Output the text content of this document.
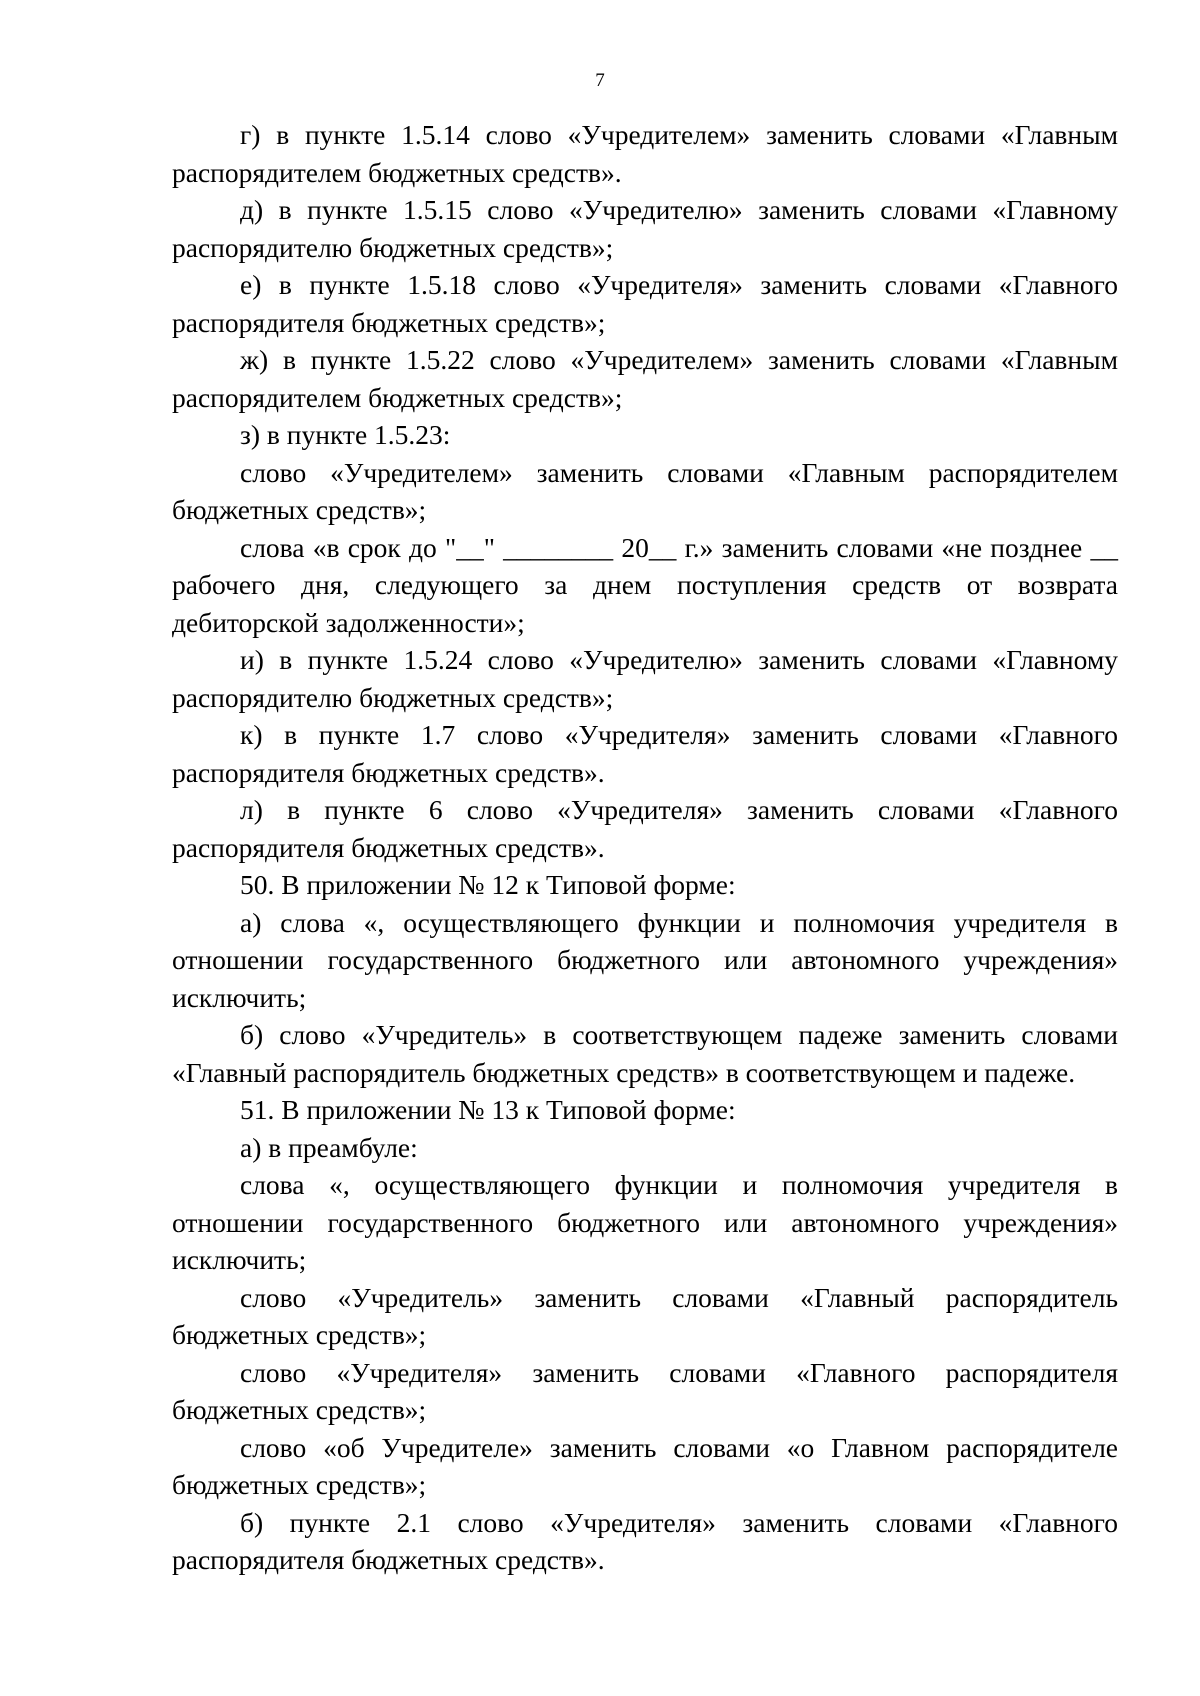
7

г) в пункте 1.5.14 слово «Учредителем» заменить словами «Главным распорядителем бюджетных средств».

д) в пункте 1.5.15 слово «Учредителю» заменить словами «Главному распорядителю бюджетных средств»;

е) в пункте 1.5.18 слово «Учредителя» заменить словами «Главного распорядителя бюджетных средств»;

ж) в пункте 1.5.22 слово «Учредителем» заменить словами «Главным распорядителем бюджетных средств»;

з) в пункте 1.5.23:

слово «Учредителем» заменить словами «Главным распорядителем бюджетных средств»;

слова «в срок до "__" ________ 20__ г.» заменить словами «не позднее __ рабочего дня, следующего за днем поступления средств от возврата дебиторской задолженности»;

и) в пункте 1.5.24 слово «Учредителю» заменить словами «Главному распорядителю бюджетных средств»;

к) в пункте 1.7 слово «Учредителя» заменить словами «Главного распорядителя бюджетных средств».

л) в пункте 6 слово «Учредителя» заменить словами «Главного распорядителя бюджетных средств».

50. В приложении № 12 к Типовой форме:

а) слова «, осуществляющего функции и полномочия учредителя в отношении государственного бюджетного или автономного учреждения» исключить;

б) слово «Учредитель» в соответствующем падеже заменить словами «Главный распорядитель бюджетных средств» в соответствующем и падеже.

51. В приложении № 13 к Типовой форме:

а) в преамбуле:

слова «, осуществляющего функции и полномочия учредителя в отношении государственного бюджетного или автономного учреждения» исключить;

слово «Учредитель» заменить словами «Главный распорядитель бюджетных средств»;

слово «Учредителя» заменить словами «Главного распорядителя бюджетных средств»;

слово «об Учредителе» заменить словами «о Главном распорядителе бюджетных средств»;

б) пункте 2.1 слово «Учредителя» заменить словами «Главного распорядителя бюджетных средств».
